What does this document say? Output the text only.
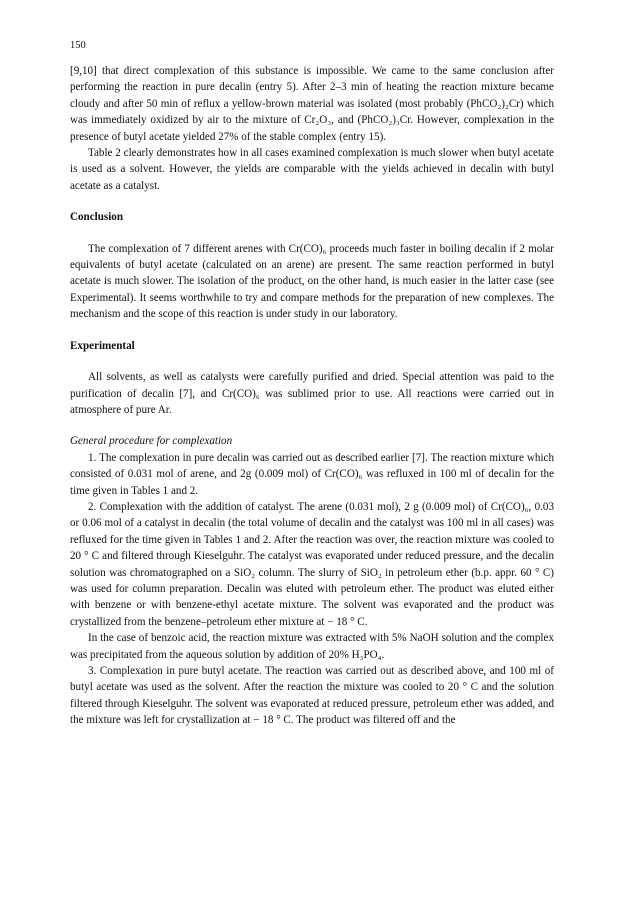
150

[9,10] that direct complexation of this substance is impossible. We came to the same conclusion after performing the reaction in pure decalin (entry 5). After 2–3 min of heating the reaction mixture became cloudy and after 50 min of reflux a yellow-brown material was isolated (most probably (PhCO₂)₂Cr) which was immediately oxidized by air to the mixture of Cr₂O₃, and (PhCO₂)₃Cr. However, complexation in the presence of butyl acetate yielded 27% of the stable complex (entry 15).

Table 2 clearly demonstrates how in all cases examined complexation is much slower when butyl acetate is used as a solvent. However, the yields are comparable with the yields achieved in decalin with butyl acetate as a catalyst.

Conclusion

The complexation of 7 different arenes with Cr(CO)₆ proceeds much faster in boiling decalin if 2 molar equivalents of butyl acetate (calculated on an arene) are present. The same reaction performed in butyl acetate is much slower. The isolation of the product, on the other hand, is much easier in the latter case (see Experimental). It seems worthwhile to try and compare methods for the preparation of new complexes. The mechanism and the scope of this reaction is under study in our laboratory.

Experimental

All solvents, as well as catalysts were carefully purified and dried. Special attention was paid to the purification of decalin [7], and Cr(CO)₆ was sublimed prior to use. All reactions were carried out in atmosphere of pure Ar.

General procedure for complexation

1. The complexation in pure decalin was carried out as described earlier [7]. The reaction mixture which consisted of 0.031 mol of arene, and 2g (0.009 mol) of Cr(CO)₆ was refluxed in 100 ml of decalin for the time given in Tables 1 and 2.

2. Complexation with the addition of catalyst. The arene (0.031 mol), 2 g (0.009 mol) of Cr(CO)₆, 0.03 or 0.06 mol of a catalyst in decalin (the total volume of decalin and the catalyst was 100 ml in all cases) was refluxed for the time given in Tables 1 and 2. After the reaction was over, the reaction mixture was cooled to 20 ° C and filtered through Kieselguhr. The catalyst was evaporated under reduced pressure, and the decalin solution was chromatographed on a SiO₂ column. The slurry of SiO₂ in petroleum ether (b.p. appr. 60 ° C) was used for column preparation. Decalin was eluted with petroleum ether. The product was eluted either with benzene or with benzene-ethyl acetate mixture. The solvent was evaporated and the product was crystallized from the benzene–petroleum ether mixture at − 18 ° C.

In the case of benzoic acid, the reaction mixture was extracted with 5% NaOH solution and the complex was precipitated from the aqueous solution by addition of 20% H₃PO₄.

3. Complexation in pure butyl acetate. The reaction was carried out as described above, and 100 ml of butyl acetate was used as the solvent. After the reaction the mixture was cooled to 20 ° C and the solution filtered through Kieselguhr. The solvent was evaporated at reduced pressure, petroleum ether was added, and the mixture was left for crystallization at − 18 ° C. The product was filtered off and the
